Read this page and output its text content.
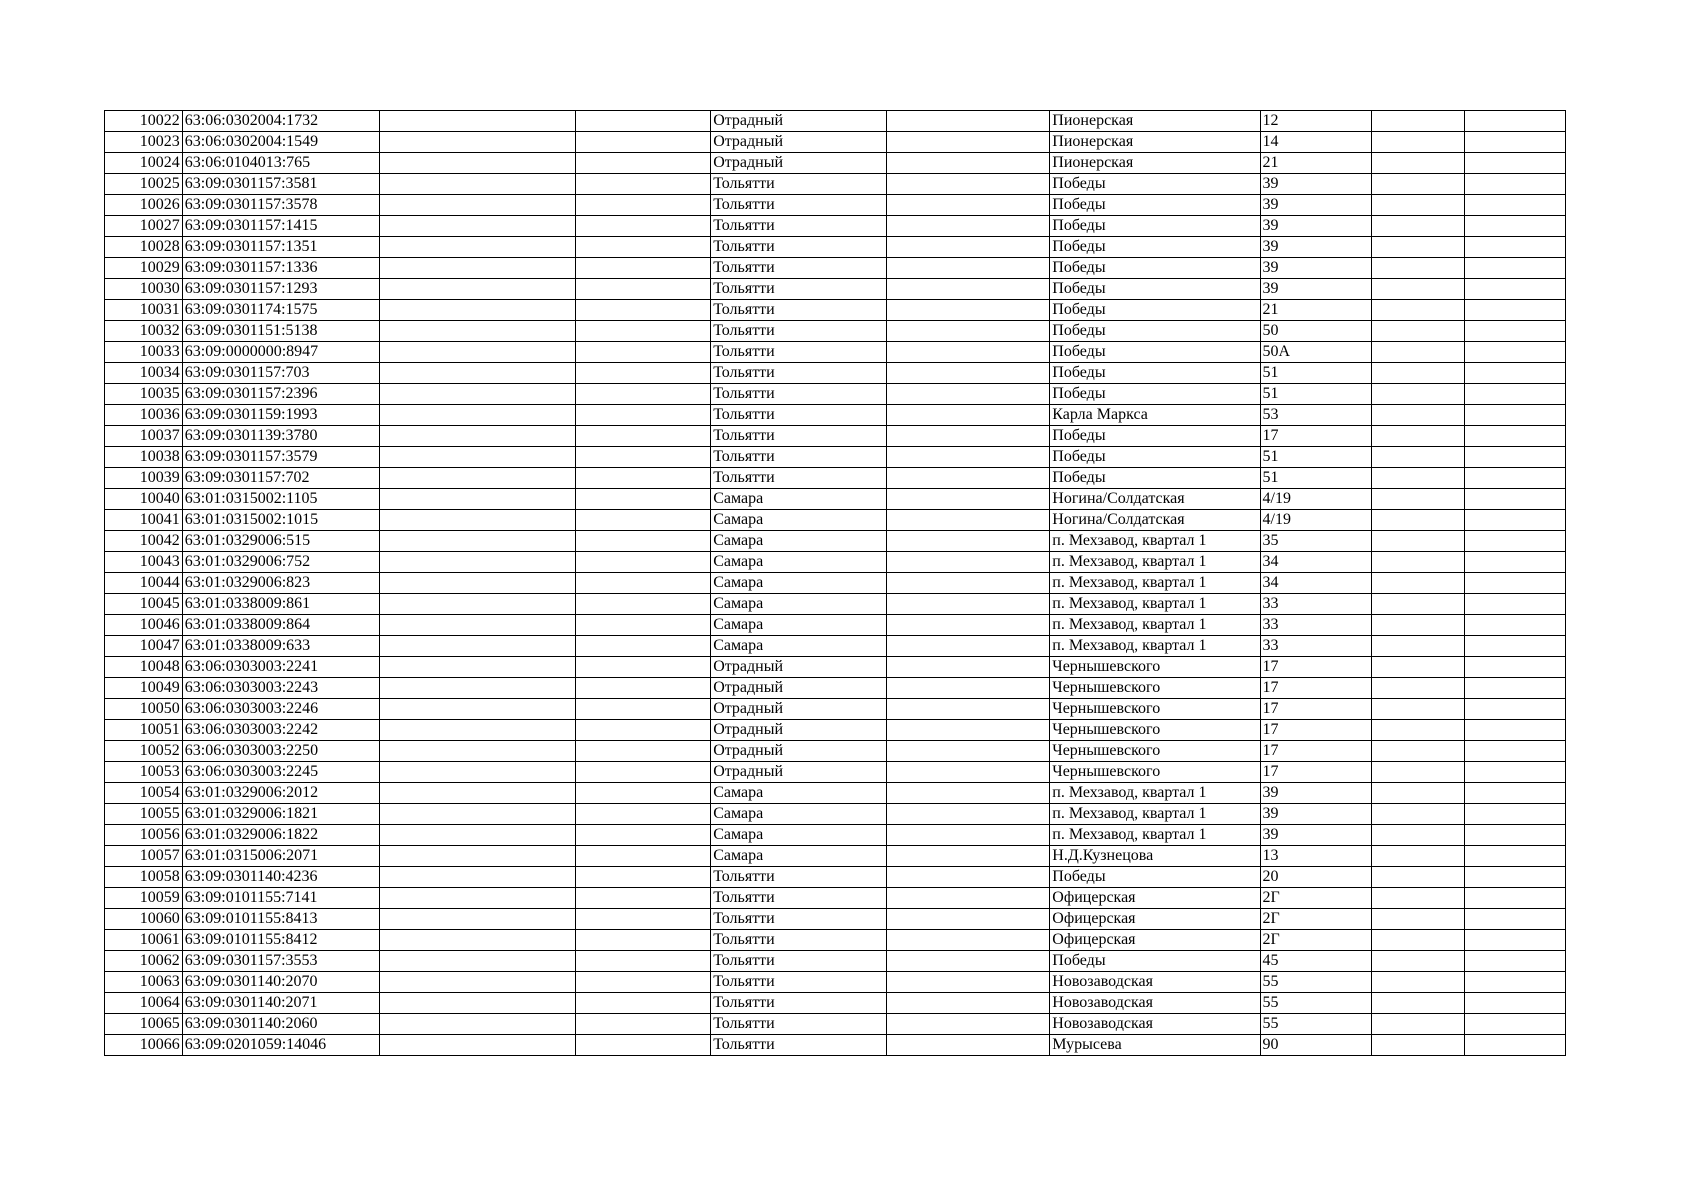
10022	63:06:0302004:1732			Отрадный		Пионерская	12		
10023	63:06:0302004:1549			Отрадный		Пионерская	14		
10024	63:06:0104013:765			Отрадный		Пионерская	21		
10025	63:09:0301157:3581			Тольятти		Победы	39		
10026	63:09:0301157:3578			Тольятти		Победы	39		
10027	63:09:0301157:1415			Тольятти		Победы	39		
10028	63:09:0301157:1351			Тольятти		Победы	39		
10029	63:09:0301157:1336			Тольятти		Победы	39		
10030	63:09:0301157:1293			Тольятти		Победы	39		
10031	63:09:0301174:1575			Тольятти		Победы	21		
10032	63:09:0301151:5138			Тольятти		Победы	50		
10033	63:09:0000000:8947			Тольятти		Победы	50А		
10034	63:09:0301157:703			Тольятти		Победы	51		
10035	63:09:0301157:2396			Тольятти		Победы	51		
10036	63:09:0301159:1993			Тольятти		Карла Маркса	53		
10037	63:09:0301139:3780			Тольятти		Победы	17		
10038	63:09:0301157:3579			Тольятти		Победы	51		
10039	63:09:0301157:702			Тольятти		Победы	51		
10040	63:01:0315002:1105			Самара		Ногина/Солдатская	4/19		
10041	63:01:0315002:1015			Самара		Ногина/Солдатская	4/19		
10042	63:01:0329006:515			Самара		п. Мехзавод, квартал 1	35		
10043	63:01:0329006:752			Самара		п. Мехзавод, квартал 1	34		
10044	63:01:0329006:823			Самара		п. Мехзавод, квартал 1	34		
10045	63:01:0338009:861			Самара		п. Мехзавод, квартал 1	33		
10046	63:01:0338009:864			Самара		п. Мехзавод, квартал 1	33		
10047	63:01:0338009:633			Самара		п. Мехзавод, квартал 1	33		
10048	63:06:0303003:2241			Отрадный		Чернышевского	17		
10049	63:06:0303003:2243			Отрадный		Чернышевского	17		
10050	63:06:0303003:2246			Отрадный		Чернышевского	17		
10051	63:06:0303003:2242			Отрадный		Чернышевского	17		
10052	63:06:0303003:2250			Отрадный		Чернышевского	17		
10053	63:06:0303003:2245			Отрадный		Чернышевского	17		
10054	63:01:0329006:2012			Самара		п. Мехзавод, квартал 1	39		
10055	63:01:0329006:1821			Самара		п. Мехзавод, квартал 1	39		
10056	63:01:0329006:1822			Самара		п. Мехзавод, квартал 1	39		
10057	63:01:0315006:2071			Самара		Н.Д.Кузнецова	13		
10058	63:09:0301140:4236			Тольятти		Победы	20		
10059	63:09:0101155:7141			Тольятти		Офицерская	2Г		
10060	63:09:0101155:8413			Тольятти		Офицерская	2Г		
10061	63:09:0101155:8412			Тольятти		Офицерская	2Г		
10062	63:09:0301157:3553			Тольятти		Победы	45		
10063	63:09:0301140:2070			Тольятти		Новозаводская	55		
10064	63:09:0301140:2071			Тольятти		Новозаводская	55		
10065	63:09:0301140:2060			Тольятти		Новозаводская	55		
10066	63:09:0201059:14046			Тольятти		Мурысева	90		
